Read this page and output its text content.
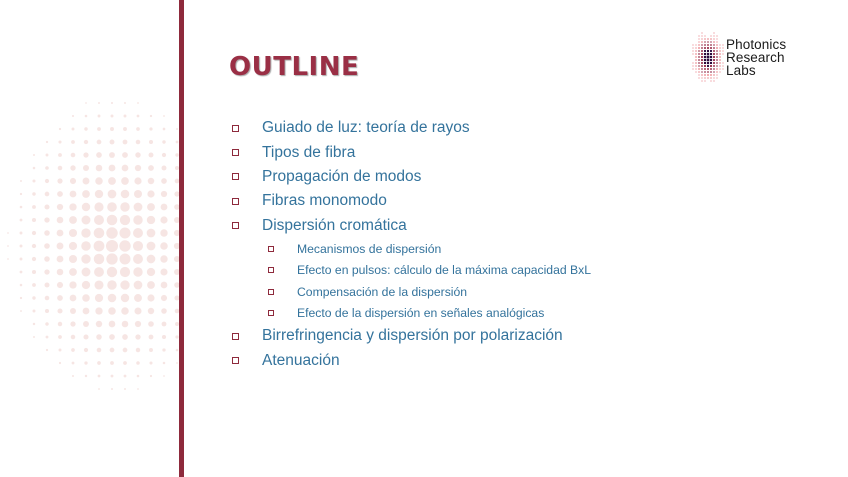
OUTLINE
Guiado de luz: teoría de rayos
Tipos de fibra
Propagación de modos
Fibras monomodo
Dispersión cromática
Mecanismos de dispersión
Efecto en pulsos: cálculo de la máxima capacidad BxL
Compensación de la dispersión
Efecto de la dispersión en señales analógicas
Birrefringencia y dispersión por polarización
Atenuación
Photonics
Research
Labs
